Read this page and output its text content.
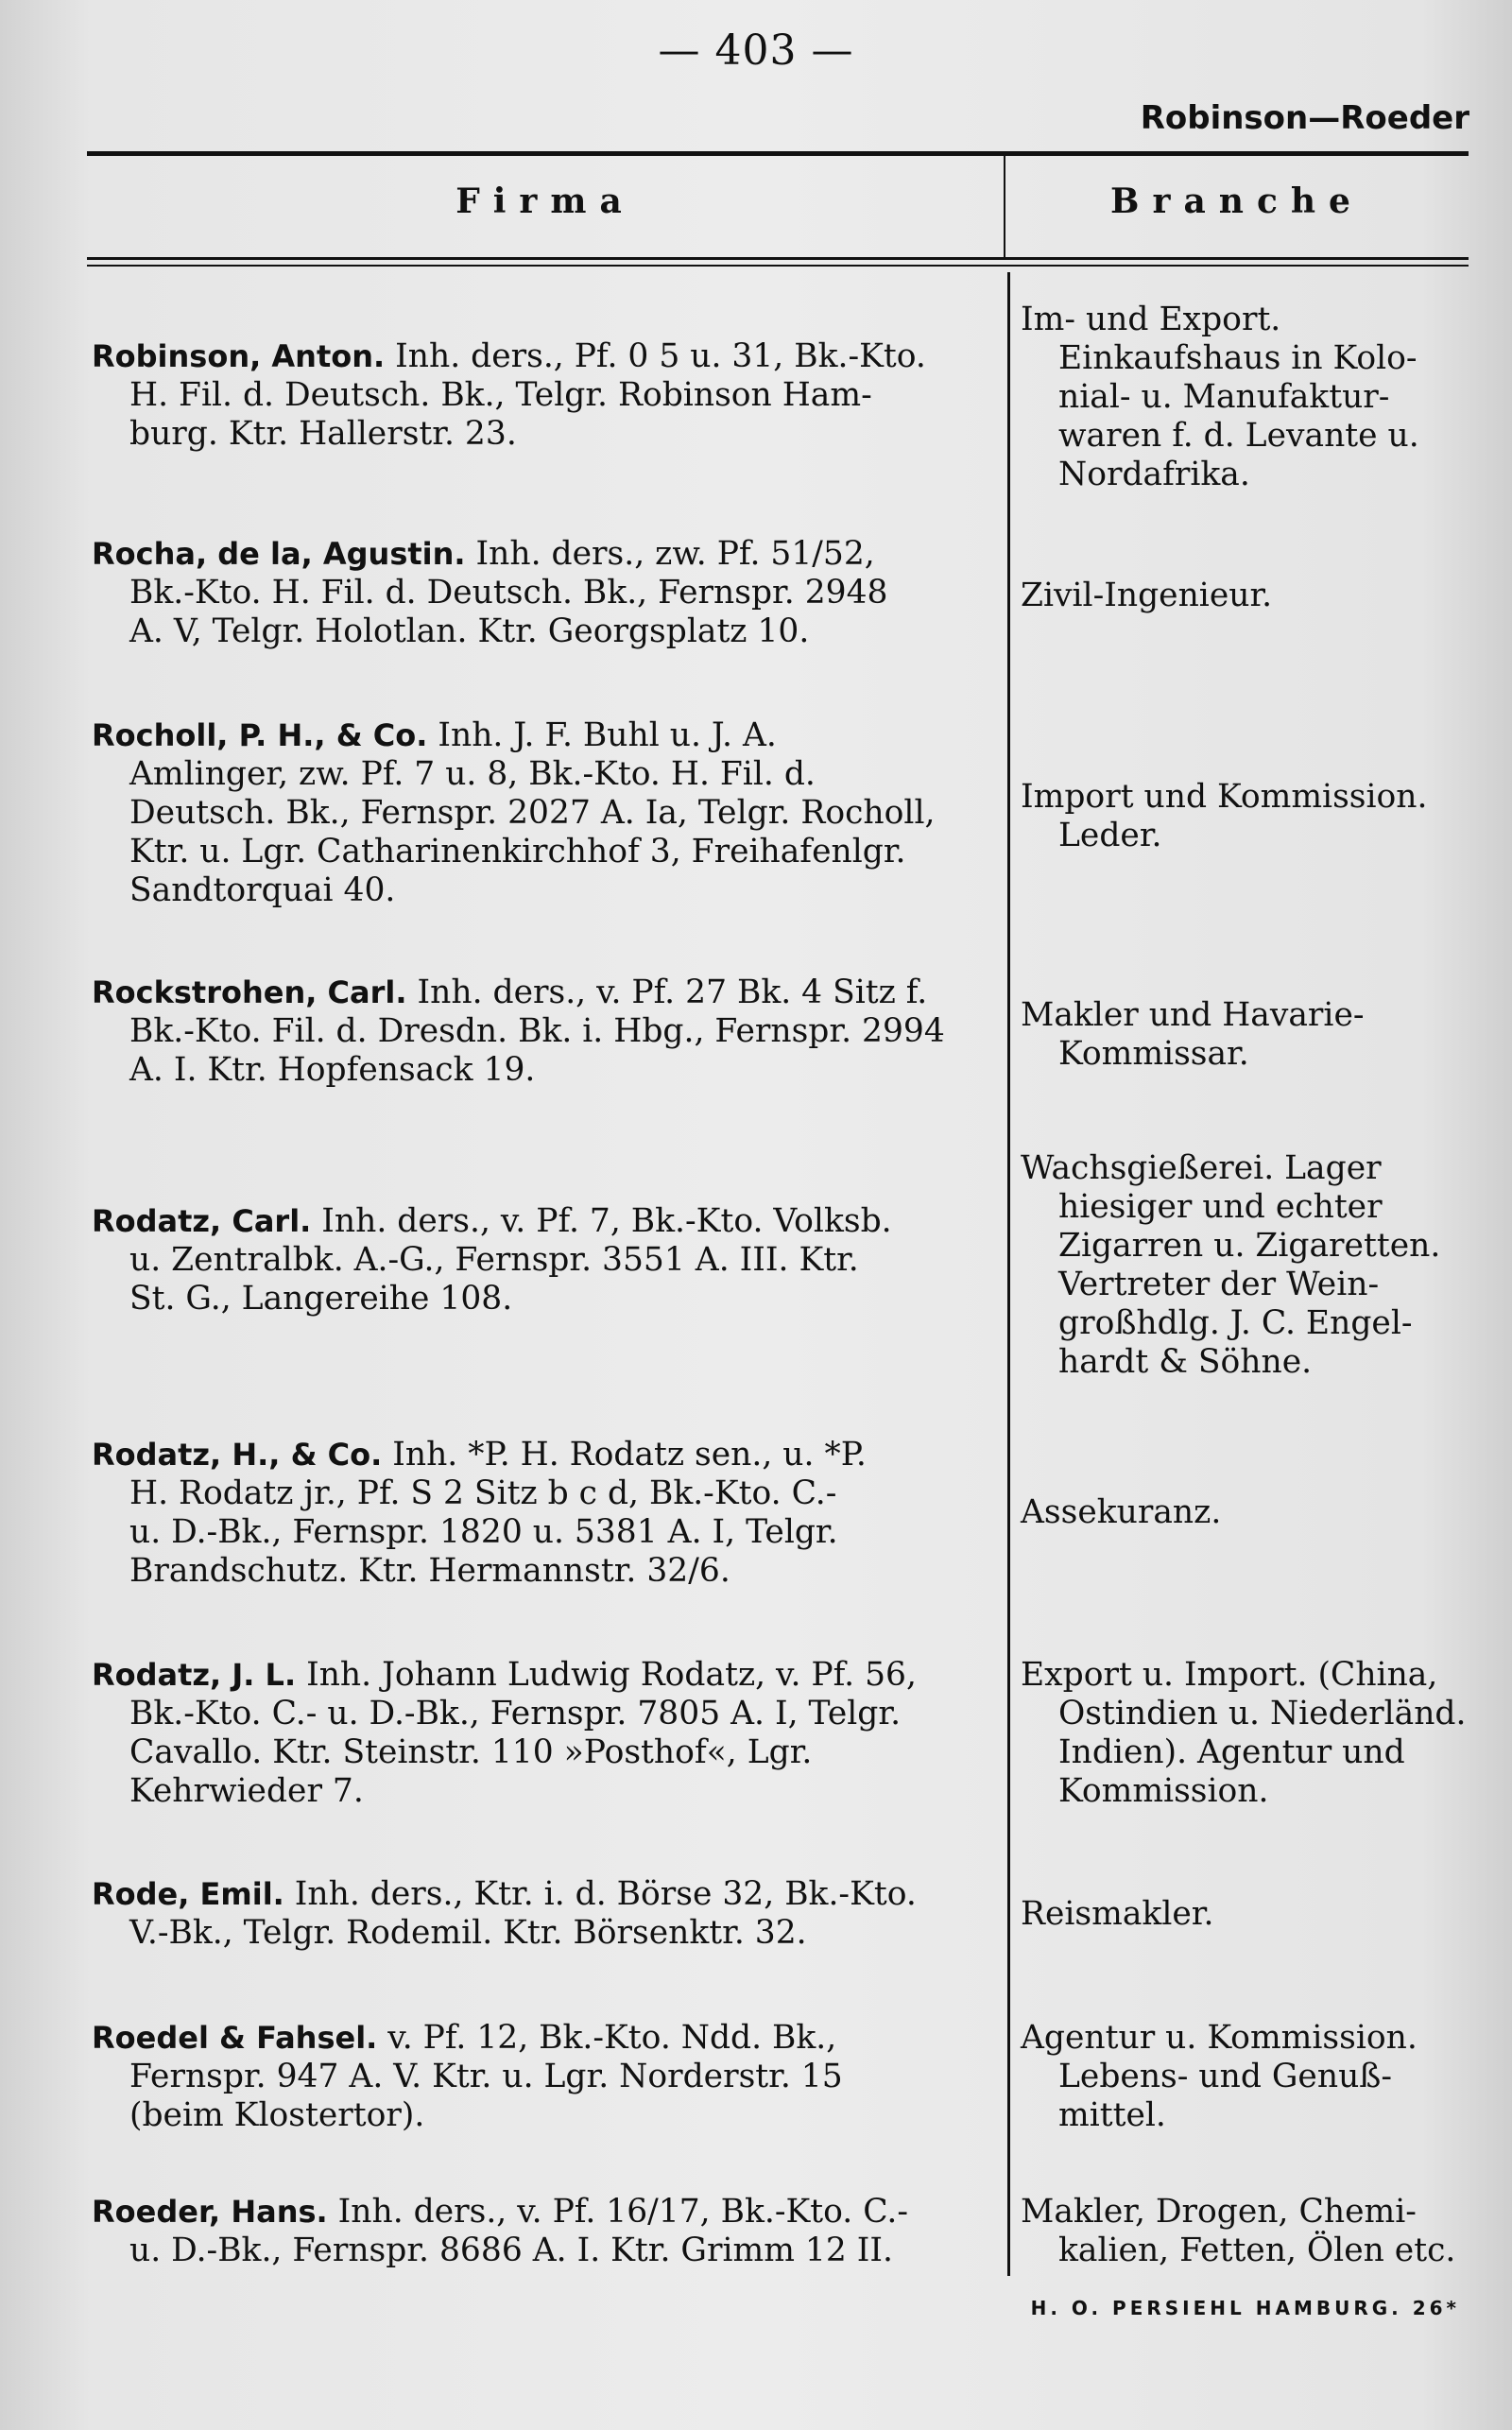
— 403 —
Robinson—Roeder
Firma	Branche
Robinson, Anton. Inh. ders., Pf. 0 5 u. 31, Bk.-Kto.
H. Fil. d. Deutsch. Bk., Telgr. Robinson Ham-
burg. Ktr. Hallerstr. 23.
Im- und Export.
Einkaufshaus in Kolo-
nial- u. Manufaktur-
waren f. d. Levante u.
Nordafrika.
Rocha, de la, Agustin. Inh. ders., zw. Pf. 51/52,
Bk.-Kto. H. Fil. d. Deutsch. Bk., Fernspr. 2948
A. V, Telgr. Holotlan. Ktr. Georgsplatz 10.
Zivil-Ingenieur.
Rocholl, P. H., & Co. Inh. J. F. Buhl u. J. A.
Amlinger, zw. Pf. 7 u. 8, Bk.-Kto. H. Fil. d.
Deutsch. Bk., Fernspr. 2027 A. Ia, Telgr. Rocholl,
Ktr. u. Lgr. Catharinenkirchhof 3, Freihafenlgr.
Sandtorquai 40.
Import und Kommission.
Leder.
Rockstrohen, Carl. Inh. ders., v. Pf. 27 Bk. 4 Sitz f.
Bk.-Kto. Fil. d. Dresdn. Bk. i. Hbg., Fernspr. 2994
A. I. Ktr. Hopfensack 19.
Makler und Havarie-
Kommissar.
Rodatz, Carl. Inh. ders., v. Pf. 7, Bk.-Kto. Volksb.
u. Zentralbk. A.-G., Fernspr. 3551 A. III. Ktr.
St. G., Langereihe 108.
Wachsgießerei. Lager
hiesiger und echter
Zigarren u. Zigaretten.
Vertreter der Wein-
großhdlg. J. C. Engel-
hardt & Söhne.
Rodatz, H., & Co. Inh. *P. H. Rodatz sen., u. *P.
H. Rodatz jr., Pf. S 2 Sitz b c d, Bk.-Kto. C.-
u. D.-Bk., Fernspr. 1820 u. 5381 A. I, Telgr.
Brandschutz. Ktr. Hermannstr. 32/6.
Assekuranz.
Rodatz, J. L. Inh. Johann Ludwig Rodatz, v. Pf. 56,
Bk.-Kto. C.- u. D.-Bk., Fernspr. 7805 A. I, Telgr.
Cavallo. Ktr. Steinstr. 110 »Posthof«, Lgr.
Kehrwieder 7.
Export u. Import. (China,
Ostindien u. Niederländ.
Indien). Agentur und
Kommission.
Rode, Emil. Inh. ders., Ktr. i. d. Börse 32, Bk.-Kto.
V.-Bk., Telgr. Rodemil. Ktr. Börsenktr. 32.	Reismakler.
Roedel & Fahsel. v. Pf. 12, Bk.-Kto. Ndd. Bk.,
Fernspr. 947 A. V. Ktr. u. Lgr. Norderstr. 15
(beim Klostertor).
Agentur u. Kommission.
Lebens- und Genuß-
mittel.
Roeder, Hans. Inh. ders., v. Pf. 16/17, Bk.-Kto. C.-
u. D.-Bk., Fernspr. 8686 A. I. Ktr. Grimm 12 II.
Makler, Drogen, Chemi-
kalien, Fetten, Ölen etc.
H. O. PERSIEHL HAMBURG. 26*
